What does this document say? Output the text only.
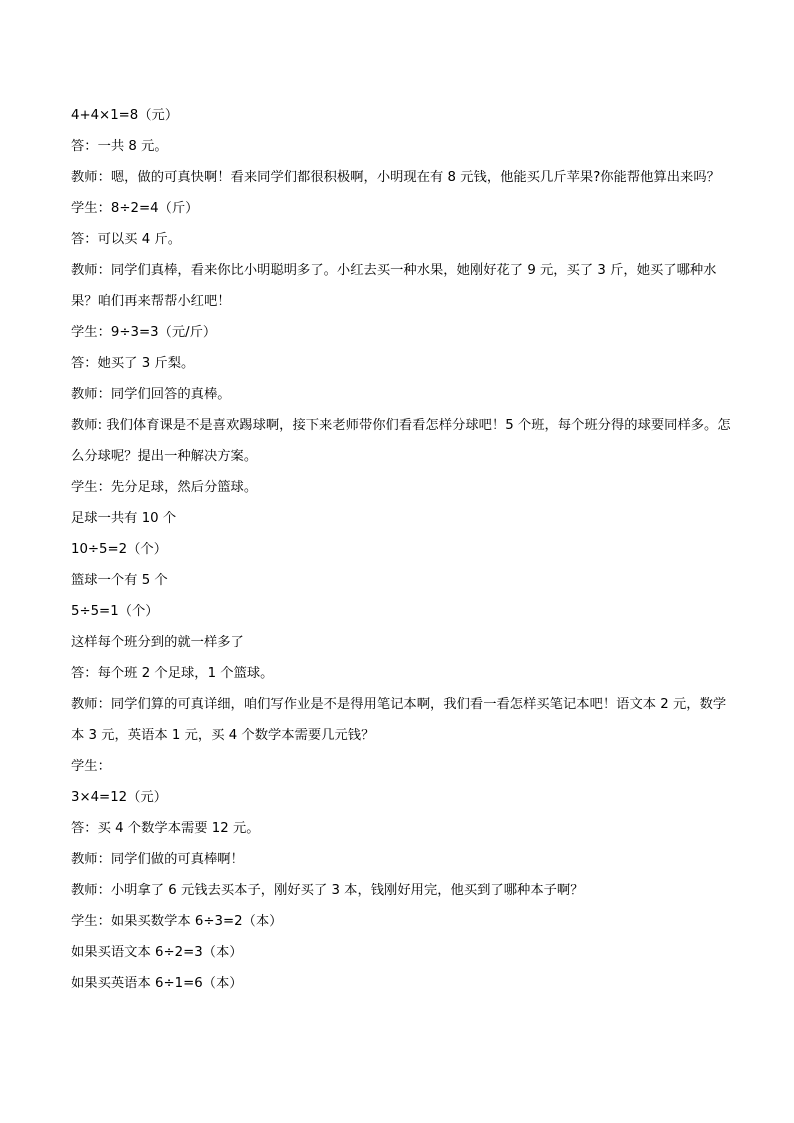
4+4×1=8（元）

答：一共 8 元。

教师：嗯，做的可真快啊！看来同学们都很积极啊，小明现在有 8 元钱，他能买几斤苹果?你能帮他算出来吗？

学生：8÷2=4（斤）

答：可以买 4 斤。

教师：同学们真棒，看来你比小明聪明多了。小红去买一种水果，她刚好花了 9 元，买了 3 斤，她买了哪种水果？咱们再来帮帮小红吧！

学生：9÷3=3（元/斤）

答：她买了 3 斤梨。

教师：同学们回答的真棒。

教师: 我们体育课是不是喜欢踢球啊，接下来老师带你们看看怎样分球吧！5 个班，每个班分得的球要同样多。怎么分球呢？提出一种解决方案。

学生：先分足球，然后分篮球。

足球一共有 10 个

10÷5=2（个）

篮球一个有 5 个

5÷5=1（个）

这样每个班分到的就一样多了

答：每个班 2 个足球，1 个篮球。

教师：同学们算的可真详细，咱们写作业是不是得用笔记本啊，我们看一看怎样买笔记本吧！语文本 2 元，数学本 3 元，英语本 1 元，买 4 个数学本需要几元钱？

学生：

3×4=12（元）

答：买 4 个数学本需要 12 元。

教师：同学们做的可真棒啊！

教师：小明拿了 6 元钱去买本子，刚好买了 3 本，钱刚好用完，他买到了哪种本子啊？

学生：如果买数学本 6÷3=2（本）

如果买语文本 6÷2=3（本）

如果买英语本 6÷1=6（本）
